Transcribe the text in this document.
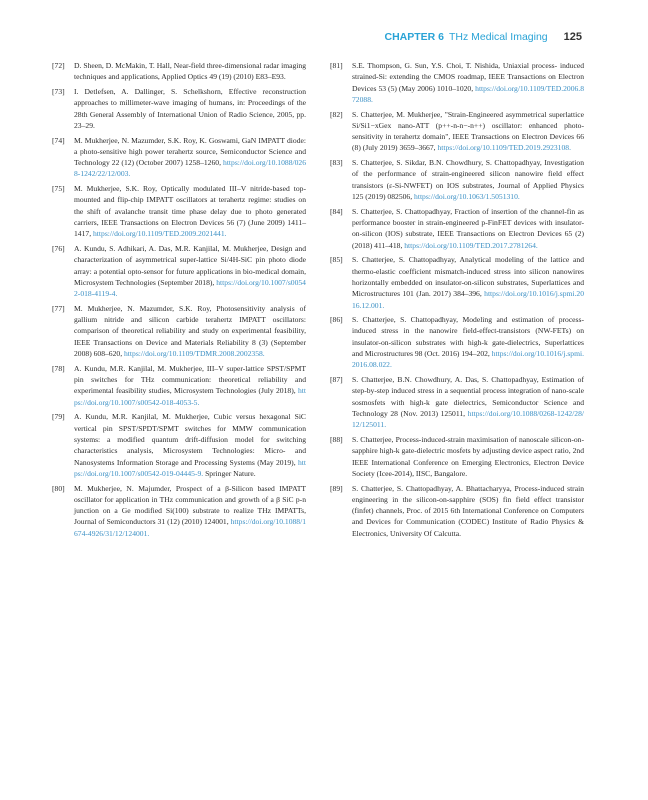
CHAPTER 6 THz Medical Imaging 125

[72] D. Sheen, D. McMakin, T. Hall, Near-field three-dimensional radar imaging techniques and applications, Applied Optics 49 (19) (2010) E83–E93.

[73] I. Detlefsen, A. Dallinger, S. Schelkshorn, Effective reconstruction approaches to millimeter-wave imaging of humans, in: Proceedings of the 28th General Assembly of International Union of Radio Science, 2005, pp. 23–29.

[74] M. Mukherjee, N. Mazumder, S.K. Roy, K. Goswami, GaN IMPATT diode: a photo-sensitive high power terahertz source, Semiconductor Science and Technology 22 (12) (October 2007) 1258–1260, https://doi.org/10.1088/0268-1242/22/12/003.

[75] M. Mukherjee, S.K. Roy, Optically modulated III–V nitride-based top-mounted and flip-chip IMPATT oscillators at terahertz regime: studies on the shift of avalanche transit time phase delay due to photo generated carriers, IEEE Transactions on Electron Devices 56 (7) (June 2009) 1411–1417, https://doi.org/10.1109/TED.2009.2021441.

[76] A. Kundu, S. Adhikari, A. Das, M.R. Kanjilal, M. Mukherjee, Design and characterization of asymmetrical super-lattice Si/4H-SiC pin photo diode array: a potential opto-sensor for future applications in bio-medical domain, Microsystem Technologies (September 2018), https://doi.org/10.1007/s00542-018-4119-4.

[77] M. Mukherjee, N. Mazumder, S.K. Roy, Photosensitivity analysis of gallium nitride and silicon carbide terahertz IMPATT oscillators: comparison of theoretical reliability and study on experimental feasibility, IEEE Transactions on Device and Materials Reliability 8 (3) (September 2008) 608–620, https://doi.org/10.1109/TDMR.2008.2002358.

[78] A. Kundu, M.R. Kanjilal, M. Mukherjee, III–V super-lattice SPST/SPMT pin switches for THz communication: theoretical reliability and experimental feasibility studies, Microsystem Technologies (July 2018), https://doi.org/10.1007/s00542-018-4053-5.

[79] A. Kundu, M.R. Kanjilal, M. Mukherjee, Cubic versus hexagonal SiC vertical pin SPST/SPDT/SPMT switches for MMW communication systems: a modified quantum drift-diffusion model for switching characteristics analysis, Microsystem Technologies: Micro- and Nanosystems Information Storage and Processing Systems (May 2019), https://doi.org/10.1007/s00542-019-04445-9. Springer Nature.

[80] M. Mukherjee, N. Majumder, Prospect of a β-Silicon based IMPATT oscillator for application in THz communication and growth of a β SiC p-n junction on a Ge modified Si(100) substrate to realize THz IMPATTs, Journal of Semiconductors 31 (12) (2010) 124001, https://doi.org/10.1088/1674-4926/31/12/124001.

[81] S.E. Thompson, G. Sun, Y.S. Choi, T. Nishida, Uniaxial process- induced strained-Si: extending the CMOS roadmap, IEEE Transactions on Electron Devices 53 (5) (May 2006) 1010–1020, https://doi.org/10.1109/TED.2006.872088.

[82] S. Chatterjee, M. Mukherjee, "Strain-Engineered asymmetrical superlattice Si/Si1−xGex nano-ATT (p++-n-n−-n++) oscillator: enhanced photo-sensitivity in terahertz domain", IEEE Transactions on Electron Devices 66 (8) (July 2019) 3659–3667, https://doi.org/10.1109/TED.2019.2923108.

[83] S. Chatterjee, S. Sikdar, B.N. Chowdhury, S. Chattopadhyay, Investigation of the performance of strain-engineered silicon nanowire field effect transistors (ɛ-Si-NWFET) on IOS substrates, Journal of Applied Physics 125 (2019) 082506, https://doi.org/10.1063/1.5051310.

[84] S. Chatterjee, S. Chattopadhyay, Fraction of insertion of the channel-fin as performance booster in strain-engineered p-FinFET devices with insulator-on-silicon (IOS) substrate, IEEE Transactions on Electron Devices 65 (2) (2018) 411–418, https://doi.org/10.1109/TED.2017.2781264.

[85] S. Chatterjee, S. Chattopadhyay, Analytical modeling of the lattice and thermo-elastic coefficient mismatch-induced stress into silicon nanowires horizontally embedded on insulator-on-silicon substrates, Superlattices and Microstructures 101 (Jan. 2017) 384–396, https://doi.org/10.1016/j.spmi.2016.12.001.

[86] S. Chatterjee, S. Chattopadhyay, Modeling and estimation of process-induced stress in the nanowire field-effect-transistors (NW-FETs) on insulator-on-silicon substrates with high-k gate-dielectrics, Superlattices and Microstructures 98 (Oct. 2016) 194–202, https://doi.org/10.1016/j.spmi.2016.08.022.

[87] S. Chatterjee, B.N. Chowdhury, A. Das, S. Chattopadhyay, Estimation of step-by-step induced stress in a sequential process integration of nano-scale sosmosfets with high-k gate dielectrics, Semiconductor Science and Technology 28 (Nov. 2013) 125011, https://doi.org/10.1088/0268-1242/28/12/125011.

[88] S. Chatterjee, Process-induced-strain maximisation of nanoscale silicon-on-sapphire high-k gate-dielectric mosfets by adjusting device aspect ratio, 2nd IEEE International Conference on Emerging Electronics, Electron Device Society (Icee-2014), IISC, Bangalore.

[89] S. Chatterjee, S. Chattopadhyay, A. Bhattacharyya, Process-induced strain engineering in the silicon-on-sapphire (SOS) fin field effect transistor (finfet) channels, Proc. of 2015 6th International Conference on Computers and Devices for Communication (CODEC) Institute of Radio Physics & Electronics, University Of Calcutta.
